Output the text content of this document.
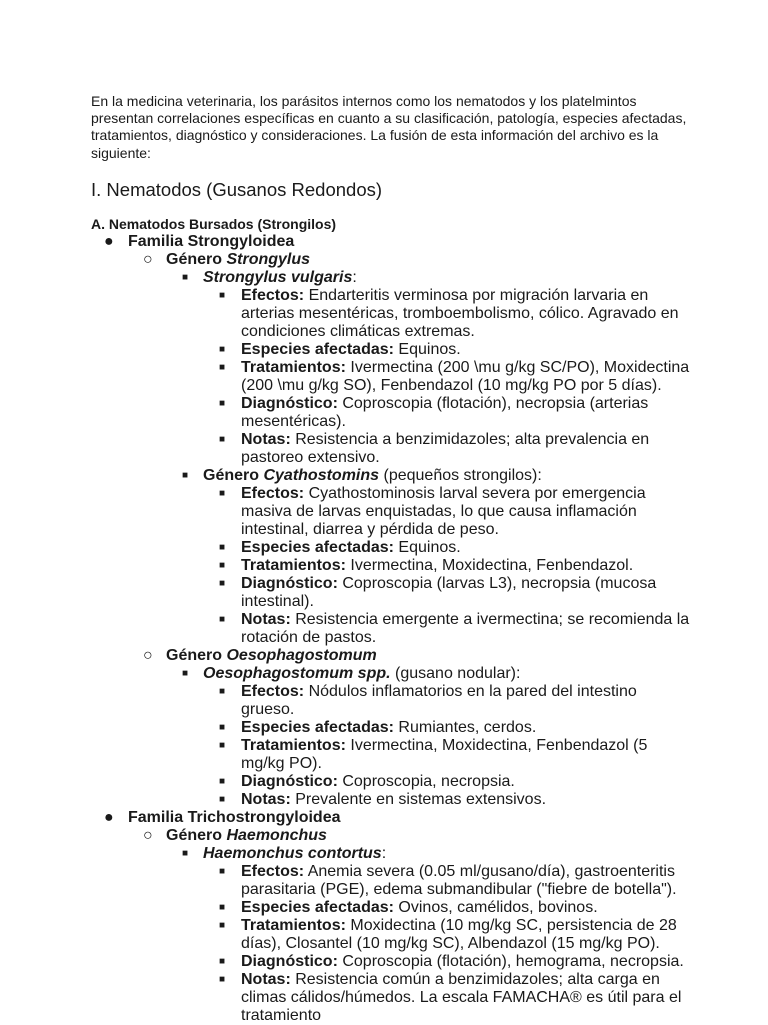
En la medicina veterinaria, los parásitos internos como los nematodos y los platelmintos presentan correlaciones específicas en cuanto a su clasificación, patología, especies afectadas, tratamientos, diagnóstico y consideraciones. La fusión de esta información del archivo es la siguiente:

I. Nematodos (Gusanos Redondos)
A. Nematodos Bursados (Strongilos)
● Familia Strongyloidea
○ Género Strongylus
■ Strongylus vulgaris:
■ Efectos: Endarteritis verminosa por migración larvaria en arterias mesentéricas, tromboembolismo, cólico. Agravado en condiciones climáticas extremas.
■ Especies afectadas: Equinos.
■ Tratamientos: Ivermectina (200 \mu g/kg SC/PO), Moxidectina (200 \mu g/kg SO), Fenbendazol (10 mg/kg PO por 5 días).
■ Diagnóstico: Coproscopia (flotación), necropsia (arterias mesentéricas).
■ Notas: Resistencia a benzimidazoles; alta prevalencia en pastoreo extensivo.
■ Género Cyathostomins (pequeños strongilos):
■ Efectos: Cyathostominosis larval severa por emergencia masiva de larvas enquistadas, lo que causa inflamación intestinal, diarrea y pérdida de peso.
■ Especies afectadas: Equinos.
■ Tratamientos: Ivermectina, Moxidectina, Fenbendazol.
■ Diagnóstico: Coproscopia (larvas L3), necropsia (mucosa intestinal).
■ Notas: Resistencia emergente a ivermectina; se recomienda la rotación de pastos.
○ Género Oesophagostomum
■ Oesophagostomum spp. (gusano nodular):
■ Efectos: Nódulos inflamatorios en la pared del intestino grueso.
■ Especies afectadas: Rumiantes, cerdos.
■ Tratamientos: Ivermectina, Moxidectina, Fenbendazol (5 mg/kg PO).
■ Diagnóstico: Coproscopia, necropsia.
■ Notas: Prevalente en sistemas extensivos.
● Familia Trichostrongyloidea
○ Género Haemonchus
■ Haemonchus contortus:
■ Efectos: Anemia severa (0.05 ml/gusano/día), gastroenteritis parasitaria (PGE), edema submandibular ("fiebre de botella").
■ Especies afectadas: Ovinos, camélidos, bovinos.
■ Tratamientos: Moxidectina (10 mg/kg SC, persistencia de 28 días), Closantel (10 mg/kg SC), Albendazol (15 mg/kg PO).
■ Diagnóstico: Coproscopia (flotación), hemograma, necropsia.
■ Notas: Resistencia común a benzimidazoles; alta carga en climas cálidos/húmedos. La escala FAMACHA® es útil para el tratamiento
